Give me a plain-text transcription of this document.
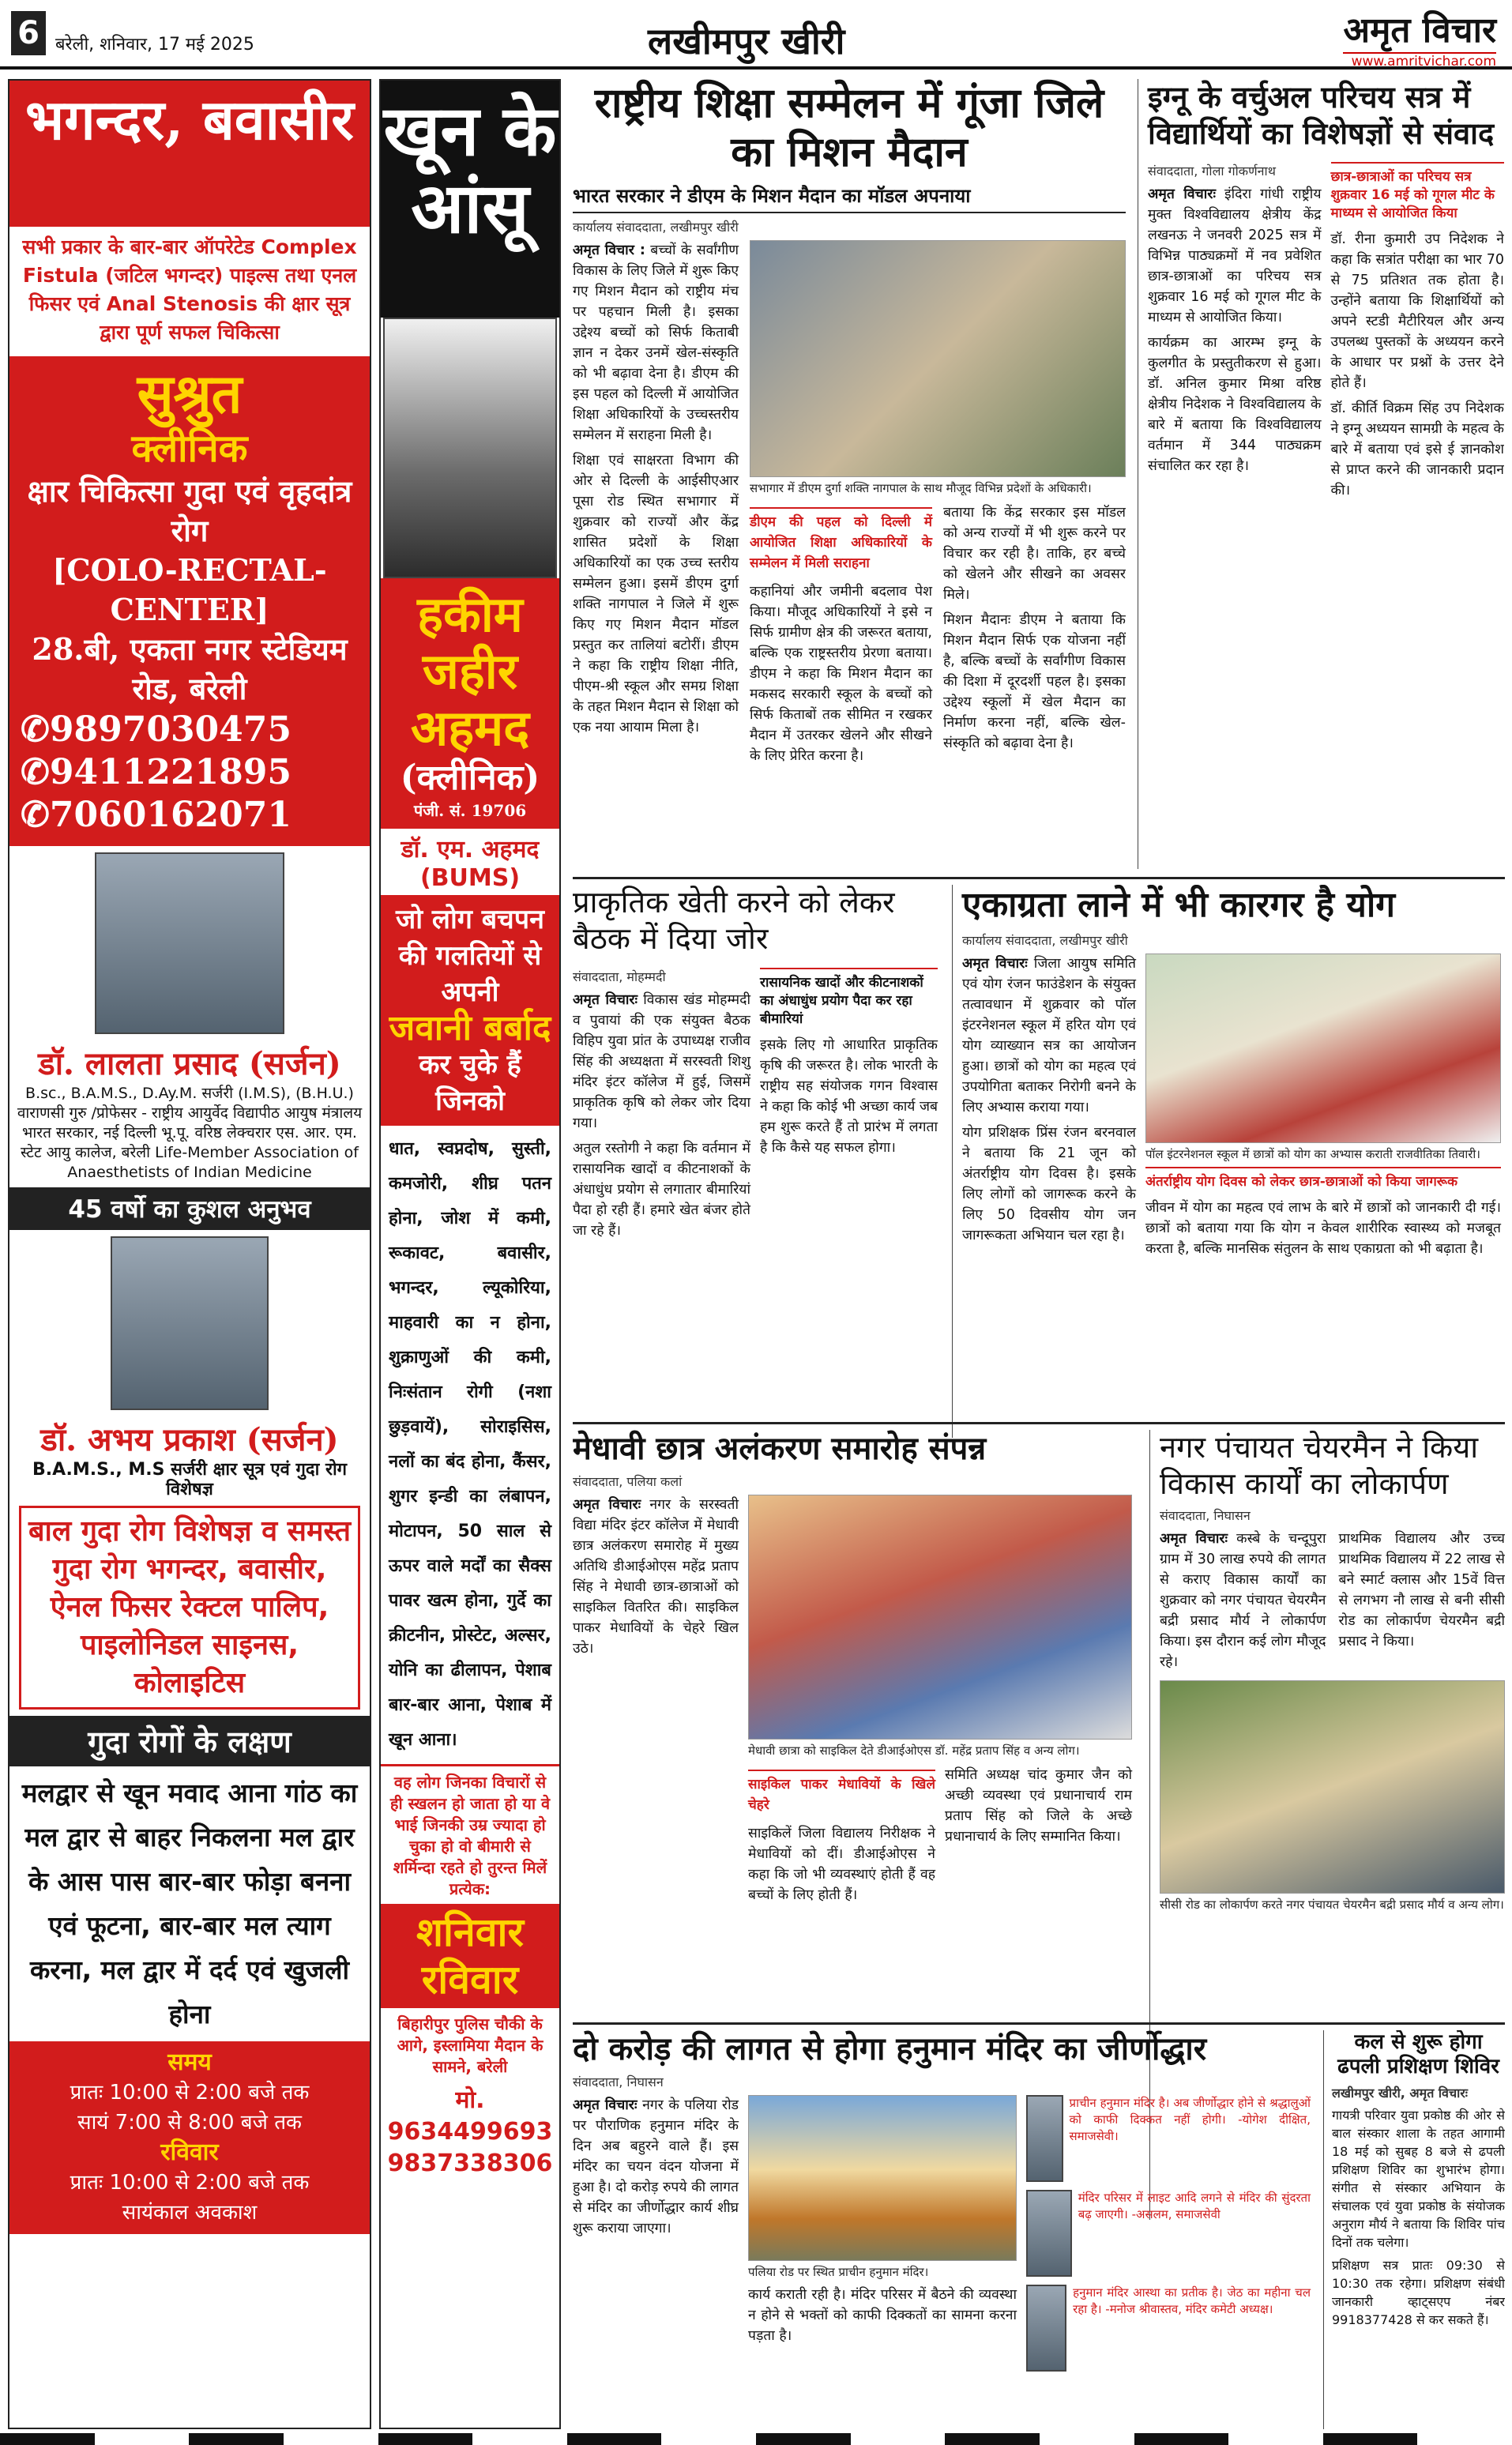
6 बरेली, शनिवार, 17 मई 2025	लखीमपुर खीरी	अमृत विचार
www.amritvichar.com
भगन्दर, बवासीर
सभी प्रकार के बार-बार ऑपरेटेड Complex Fistula (जटिल भगन्दर) पाइल्स तथा एनल फिसर एवं Anal Stenosis की क्षार सूत्र द्वारा पूर्ण सफल चिकित्सा
सुश्रुत
क्लीनिक
क्षार चिकित्सा गुदा एवं वृहदांत्र रोग
[COLO-RECTAL-CENTER]
28.बी, एकता नगर स्टेडियम रोड, बरेली
✆9897030475
✆9411221895
✆7060162071
डॉ. लालता प्रसाद (सर्जन)
B.sc., B.A.M.S., D.Ay.M. सर्जरी (I.M.S), (B.H.U.) वाराणसी गुरु /प्रोफेसर - राष्ट्रीय आयुर्वेद विद्यापीठ आयुष मंत्रालय भारत सरकार, नई दिल्ली भू.पू. वरिष्ठ लेक्चरार एस. आर. एम. स्टेट आयु कालेज, बरेली Life-Member Association of Anaesthetists of Indian Medicine
45 वर्षो का कुशल अनुभव
डॉ. अभय प्रकाश (सर्जन)
B.A.M.S., M.S सर्जरी क्षार सूत्र एवं गुदा रोग विशेषज्ञ
बाल गुदा रोग विशेषज्ञ व समस्त गुदा रोग भगन्दर, बवासीर, ऐनल फिसर रेक्टल पालिप, पाइलोनिडल साइनस, कोलाइटिस
गुदा रोगों के लक्षण
मलद्वार से खून मवाद आना गांठ का मल द्वार से बाहर निकलना मल द्वार के आस पास बार-बार फोड़ा बनना एवं फूटना, बार-बार मल त्याग करना, मल द्वार में दर्द एवं खुजली होना
समय
प्रातः 10:00 से 2:00 बजे तक
सायं 7:00 से 8:00 बजे तक
रविवार
प्रातः 10:00 से 2:00 बजे तक
सायंकाल अवकाश
खून के आंसू
हकीम जहीर अहमद
(क्लीनिक)
पंजी. सं. 19706
डॉ. एम. अहमद (BUMS)
जो लोग बचपन की गलतियों से अपनी
जवानी बर्बाद
कर चुके हैं जिनको
धात, स्वप्नदोष, सुस्ती, कमजोरी, शीघ्र पतन होना, जोश में कमी, रूकावट, बवासीर, भगन्दर, ल्यूकोरिया, माहवारी का न होना, शुक्राणुओं की कमी, निःसंतान रोगी (नशा छुड़वायें), सोराइसिस, नलों का बंद होना, कैंसर, शुगर इन्डी का लंबापन, मोटापन, 50 साल से ऊपर वाले मर्दों का सैक्स पावर खत्म होना, गुर्दे का क्रीटनीन, प्रोस्टेट, अल्सर, योनि का ढीलापन, पेशाब बार-बार आना, पेशाब में खून आना।
वह लोग जिनका विचारों से ही स्खलन हो जाता हो या वे भाई जिनकी उम्र ज्यादा हो चुका हो वो बीमारी से शर्मिन्दा रहते हो तुरन्त मिलें प्रत्येक:
शनिवार रविवार
बिहारीपुर पुलिस चौकी के आगे, इस्लामिया मैदान के सामने, बरेली
मो. 9634499693 9837338306
राष्ट्रीय शिक्षा सम्मेलन में गूंजा जिले का मिशन मैदान
भारत सरकार ने डीएम के मिशन मैदान का मॉडल अपनाया
कार्यालय संवाददाता, लखीमपुर खीरी

अमृत विचार : बच्चों के सर्वांगीण विकास के लिए जिले में शुरू किए गए मिशन मैदान को राष्ट्रीय मंच पर पहचान मिली है। इसका उद्देश्य बच्चों को सिर्फ किताबी ज्ञान न देकर उनमें खेल-संस्कृति को भी बढ़ावा देना है। डीएम की इस पहल को दिल्ली में आयोजित शिक्षा अधिकारियों के उच्चस्तरीय सम्मेलन में सराहना मिली है।

शिक्षा एवं साक्षरता विभाग की ओर से दिल्ली के आईसीएआर पूसा रोड स्थित सभागार में शुक्रवार को राज्यों और केंद्र शासित प्रदेशों के शिक्षा अधिकारियों का एक उच्च स्तरीय सम्मेलन हुआ। इसमें डीएम दुर्गा शक्ति नागपाल ने जिले में शुरू किए गए मिशन मैदान मॉडल प्रस्तुत कर तालियां बटोरीं। डीएम ने कहा कि राष्ट्रीय शिक्षा नीति, पीएम-श्री स्कूल और समग्र शिक्षा के तहत मिशन मैदान से शिक्षा को एक नया आयाम मिला है।

सभागार में डीएम दुर्गा शक्ति नागपाल के साथ मौजूद विभिन्न प्रदेशों के अधिकारी।
डीएम की पहल को दिल्ली में आयोजित शिक्षा अधिकारियों के सम्मेलन में मिली सराहना

कहानियां और जमीनी बदलाव पेश किया। मौजूद अधिकारियों ने इसे न सिर्फ ग्रामीण क्षेत्र की जरूरत बताया, बल्कि एक राष्ट्रस्तरीय प्रेरणा बताया। डीएम ने कहा कि मिशन मैदान का मकसद सरकारी स्कूल के बच्चों को सिर्फ किताबों तक सीमित न रखकर मैदान में उतरकर खेलने और सीखने के लिए प्रेरित करना है।

बताया कि केंद्र सरकार इस मॉडल को अन्य राज्यों में भी शुरू करने पर विचार कर रही है। ताकि, हर बच्चे को खेलने और सीखने का अवसर मिले।

मिशन मैदानः डीएम ने बताया कि मिशन मैदान सिर्फ एक योजना नहीं है, बल्कि बच्चों के सर्वांगीण विकास की दिशा में दूरदर्शी पहल है। इसका उद्देश्य स्कूलों में खेल मैदान का निर्माण करना नहीं, बल्कि खेल-संस्कृति को बढ़ावा देना है।

इग्नू के वर्चुअल परिचय सत्र में विद्यार्थियों का विशेषज्ञों से संवाद
संवाददाता, गोला गोकर्णनाथ

अमृत विचारः इंदिरा गांधी राष्ट्रीय मुक्त विश्वविद्यालय क्षेत्रीय केंद्र लखनऊ ने जनवरी 2025 सत्र में विभिन्न पाठ्यक्रमों में नव प्रवेशित छात्र-छात्राओं का परिचय सत्र शुक्रवार 16 मई को गूगल मीट के माध्यम से आयोजित किया।

कार्यक्रम का आरम्भ इग्नू के कुलगीत के प्रस्तुतीकरण से हुआ। डॉ. अनिल कुमार मिश्रा वरिष्ठ क्षेत्रीय निदेशक ने विश्वविद्यालय के बारे में बताया कि विश्वविद्यालय वर्तमान में 344 पाठ्यक्रम संचालित कर रहा है।

छात्र-छात्राओं का परिचय सत्र शुक्रवार 16 मई को गूगल मीट के माध्यम से आयोजित किया

डॉ. रीना कुमारी उप निदेशक ने कहा कि सत्रांत परीक्षा का भार 70 से 75 प्रतिशत तक होता है। उन्होंने बताया कि शिक्षार्थियों को अपने स्टडी मैटीरियल और अन्य उपलब्ध पुस्तकों के अध्ययन करने के आधार पर प्रश्नों के उत्तर देने होते हैं।

डॉ. कीर्ति विक्रम सिंह उप निदेशक ने इग्नू अध्ययन सामग्री के महत्व के बारे में बताया एवं इसे ई ज्ञानकोश से प्राप्त करने की जानकारी प्रदान की।

प्राकृतिक खेती करने को लेकर बैठक में दिया जोर
संवाददाता, मोहम्मदी

अमृत विचारः विकास खंड मोहम्मदी व पुवायां की एक संयुक्त बैठक विहिप युवा प्रांत के उपाध्यक्ष राजीव सिंह की अध्यक्षता में सरस्वती शिशु मंदिर इंटर कॉलेज में हुई, जिसमें प्राकृतिक कृषि को लेकर जोर दिया गया।

अतुल रस्तोगी ने कहा कि वर्तमान में रासायनिक खादों व कीटनाशकों के अंधाधुंध प्रयोग से लगातार बीमारियां पैदा हो रही हैं। हमारे खेत बंजर होते जा रहे हैं।

रासायनिक खादों और कीटनाशकों का अंधाधुंध प्रयोग पैदा कर रहा बीमारियां

इसके लिए गो आधारित प्राकृतिक कृषि की जरूरत है। लोक भारती के राष्ट्रीय सह संयोजक गगन विश्वास ने कहा कि कोई भी अच्छा कार्य जब हम शुरू करते हैं तो प्रारंभ में लगता है कि कैसे यह सफल होगा।

एकाग्रता लाने में भी कारगर है योग
कार्यालय संवाददाता, लखीमपुर खीरी

अमृत विचारः जिला आयुष समिति एवं योग रंजन फाउंडेशन के संयुक्त तत्वावधान में शुक्रवार को पॉल इंटरनेशनल स्कूल में हरित योग एवं योग व्याख्यान सत्र का आयोजन हुआ। छात्रों को योग का महत्व एवं उपयोगिता बताकर निरोगी बनने के लिए अभ्यास कराया गया।

योग प्रशिक्षक प्रिंस रंजन बरनवाल ने बताया कि 21 जून को अंतर्राष्ट्रीय योग दिवस है। इसके लिए लोगों को जागरूक करने के लिए 50 दिवसीय योग जन जागरूकता अभियान चल रहा है।

पॉल इंटरनेशनल स्कूल में छात्रों को योग का अभ्यास कराती राजवीतिका तिवारी।
अंतर्राष्ट्रीय योग दिवस को लेकर छात्र-छात्राओं को किया जागरूक

जीवन में योग का महत्व एवं लाभ के बारे में छात्रों को जानकारी दी गई। छात्रों को बताया गया कि योग न केवल शारीरिक स्वास्थ्य को मजबूत करता है, बल्कि मानसिक संतुलन के साथ एकाग्रता को भी बढ़ाता है।

मेधावी छात्र अलंकरण समारोह संपन्न
संवाददाता, पलिया कलां

अमृत विचारः नगर के सरस्वती विद्या मंदिर इंटर कॉलेज में मेधावी छात्र अलंकरण समारोह में मुख्य अतिथि डीआईओएस महेंद्र प्रताप सिंह ने मेधावी छात्र-छात्राओं को साइकिल वितरित की। साइकिल पाकर मेधावियों के चेहरे खिल उठे।

मेधावी छात्रा को साइकिल देते डीआईओएस डॉ. महेंद्र प्रताप सिंह व अन्य लोग।
साइकिल पाकर मेधावियों के खिले चेहरे

साइकिलें जिला विद्यालय निरीक्षक ने मेधावियों को दीं। डीआईओएस ने कहा कि जो भी व्यवस्थाएं होती हैं वह बच्चों के लिए होती हैं।

समिति अध्यक्ष चांद कुमार जैन को अच्छी व्यवस्था एवं प्रधानाचार्य राम प्रताप सिंह को जिले के अच्छे प्रधानाचार्य के लिए सम्मानित किया।

नगर पंचायत चेयरमैन ने किया विकास कार्यों का लोकार्पण
संवाददाता, निघासन

अमृत विचारः कस्बे के चन्दूपुरा ग्राम में 30 लाख रुपये की लागत से कराए विकास कार्यों का शुक्रवार को नगर पंचायत चेयरमैन बद्री प्रसाद मौर्य ने लोकार्पण किया। इस दौरान कई लोग मौजूद रहे।

प्राथमिक विद्यालय और उच्च प्राथमिक विद्यालय में 22 लाख से बने स्मार्ट क्लास और 15वें वित्त से लगभग नौ लाख से बनी सीसी रोड का लोकार्पण चेयरमैन बद्री प्रसाद ने किया।

सीसी रोड का लोकार्पण करते नगर पंचायत चेयरमैन बद्री प्रसाद मौर्य व अन्य लोग।
दो करोड़ की लागत से होगा हनुमान मंदिर का जीर्णोद्धार
संवाददाता, निघासन

अमृत विचारः नगर के पलिया रोड पर पौराणिक हनुमान मंदिर के दिन अब बहुरने वाले हैं। इस मंदिर का चयन वंदन योजना में हुआ है। दो करोड़ रुपये की लागत से मंदिर का जीर्णोद्धार कार्य शीघ्र शुरू कराया जाएगा।

पलिया रोड पर स्थित प्राचीन हनुमान मंदिर।

कार्य कराती रही है। मंदिर परिसर में बैठने की व्यवस्था न होने से भक्तों को काफी दिक्कतों का सामना करना पड़ता है।

प्राचीन हनुमान मंदिर है। अब जीर्णोद्धार होने से श्रद्धालुओं को काफी दिक्कत नहीं होगी। -योगेश दीक्षित, समाजसेवी।
मंदिर परिसर में लाइट आदि लगने से मंदिर की सुंदरता बढ़ जाएगी। -असलम, समाजसेवी
हनुमान मंदिर आस्था का प्रतीक है। जेठ का महीना चल रहा है। -मनोज श्रीवास्तव, मंदिर कमेटी अध्यक्ष।
कल से शुरू होगा ढपली प्रशिक्षण शिविर
लखीमपुर खीरी, अमृत विचारः

गायत्री परिवार युवा प्रकोष्ठ की ओर से बाल संस्कार शाला के तहत आगामी 18 मई को सुबह 8 बजे से ढपली प्रशिक्षण शिविर का शुभारंभ होगा। संगीत से संस्कार अभियान के संचालक एवं युवा प्रकोष्ठ के संयोजक अनुराग मौर्य ने बताया कि शिविर पांच दिनों तक चलेगा।

प्रशिक्षण सत्र प्रातः 09:30 से 10:30 तक रहेगा। प्रशिक्षण संबंधी जानकारी व्हाट्सएप नंबर 9918377428 से कर सकते हैं।
